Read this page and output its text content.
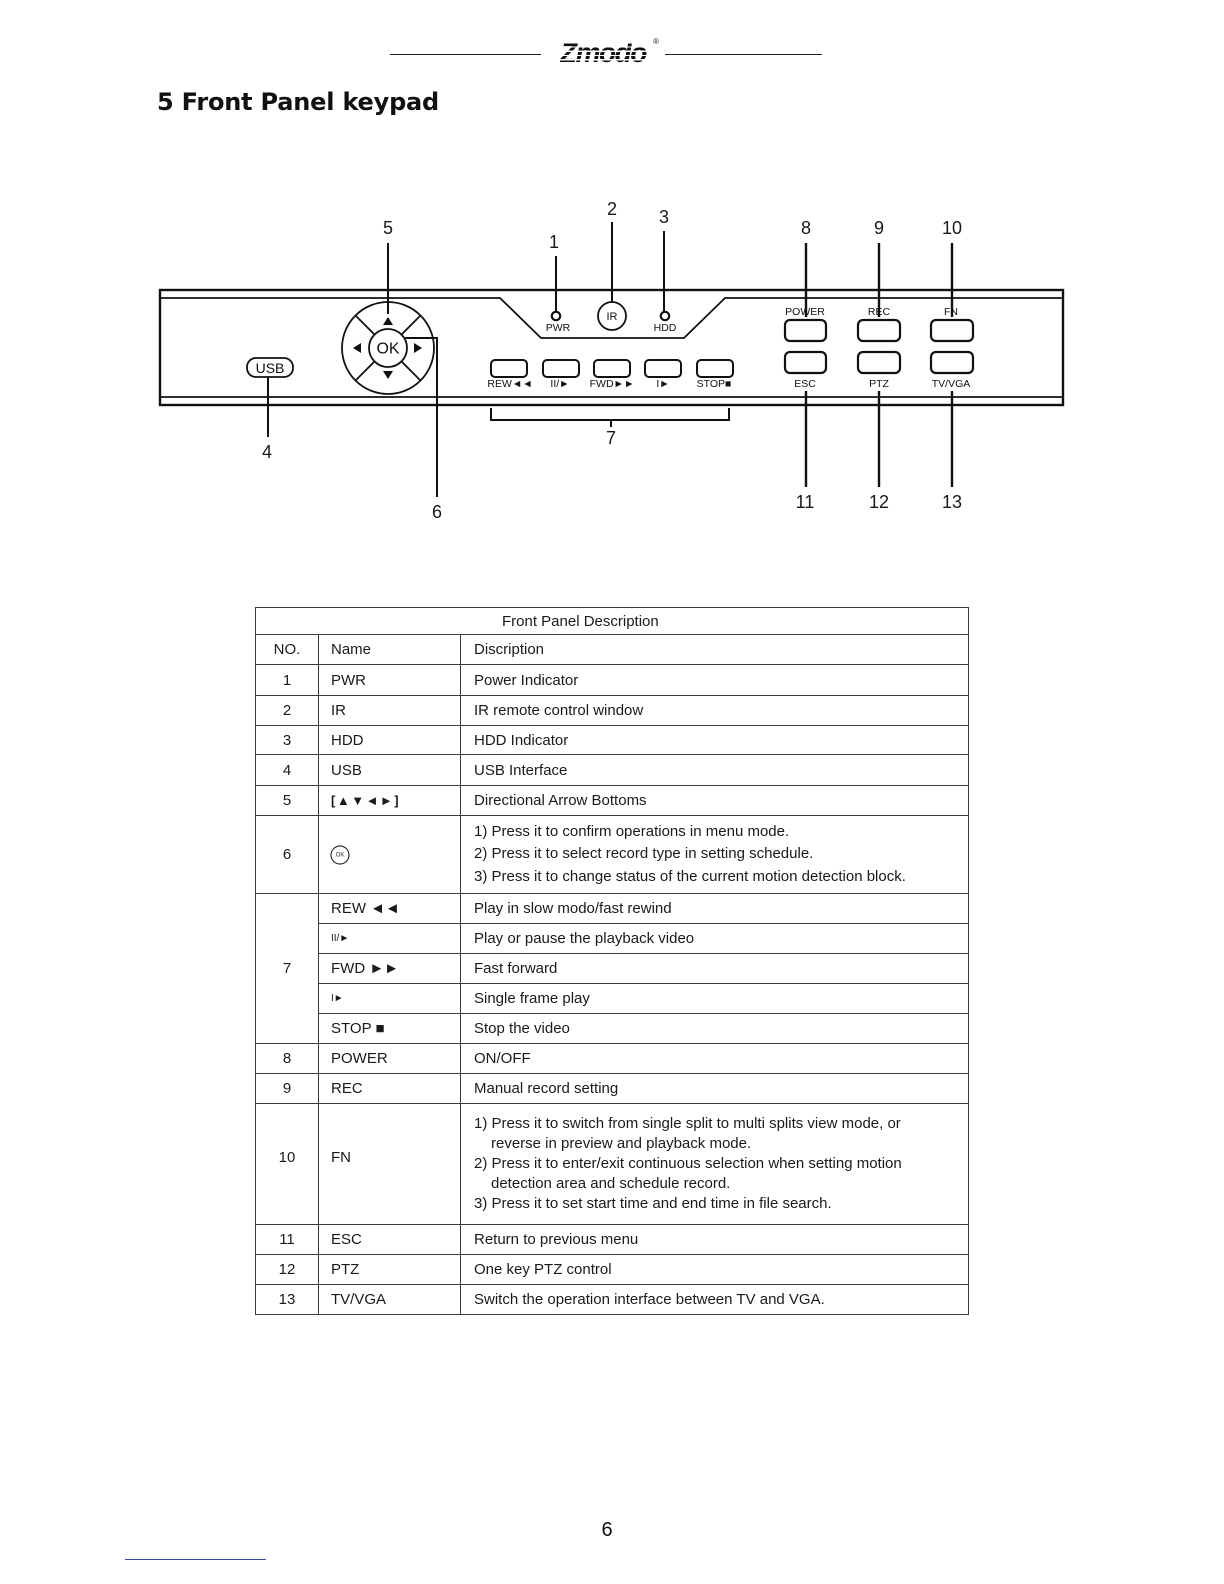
Zmodo ®
OK
USB
PWR
IR
HDD
REW◄◄ II/► FWD►► I►	STOP■
POWER	REC	FN
ESC	PTZ	TV/VGA
1
2 3
4
5
6
7
8	9	10
11	12	13
5 Front Panel keypad
Front Panel Description		
NO.	Name	Discription
1	PWR	Power Indicator
2	IR	IR remote control window
3	HDD	HDD Indicator
4	USB	USB Interface
5	[▲▼◄►]	Directional Arrow Bottoms
6	OK	1) Press it to confirm operations in menu mode.
2) Press it to select record type in setting schedule.
3) Press it to change status of the current motion detection block.

7	REW ◄◄	Play in slow modo/fast rewind
	II/►	Play or pause the playback video
	FWD ►►	Fast forward
	I►	Single frame play
	STOP ■	Stop the video
8	POWER	ON/OFF
9	REC	Manual record setting
10	FN	1) Press it to switch from single split to multi splits view mode, or
reverse in preview and playback mode.
2) Press it to enter/exit continuous selection when setting motion
detection area and schedule record.
3) Press it to set start time and end time in file search.

11	ESC	Return to previous menu
12	PTZ	One key PTZ control
13	TV/VGA	Switch the operation interface between TV and VGA.
6
